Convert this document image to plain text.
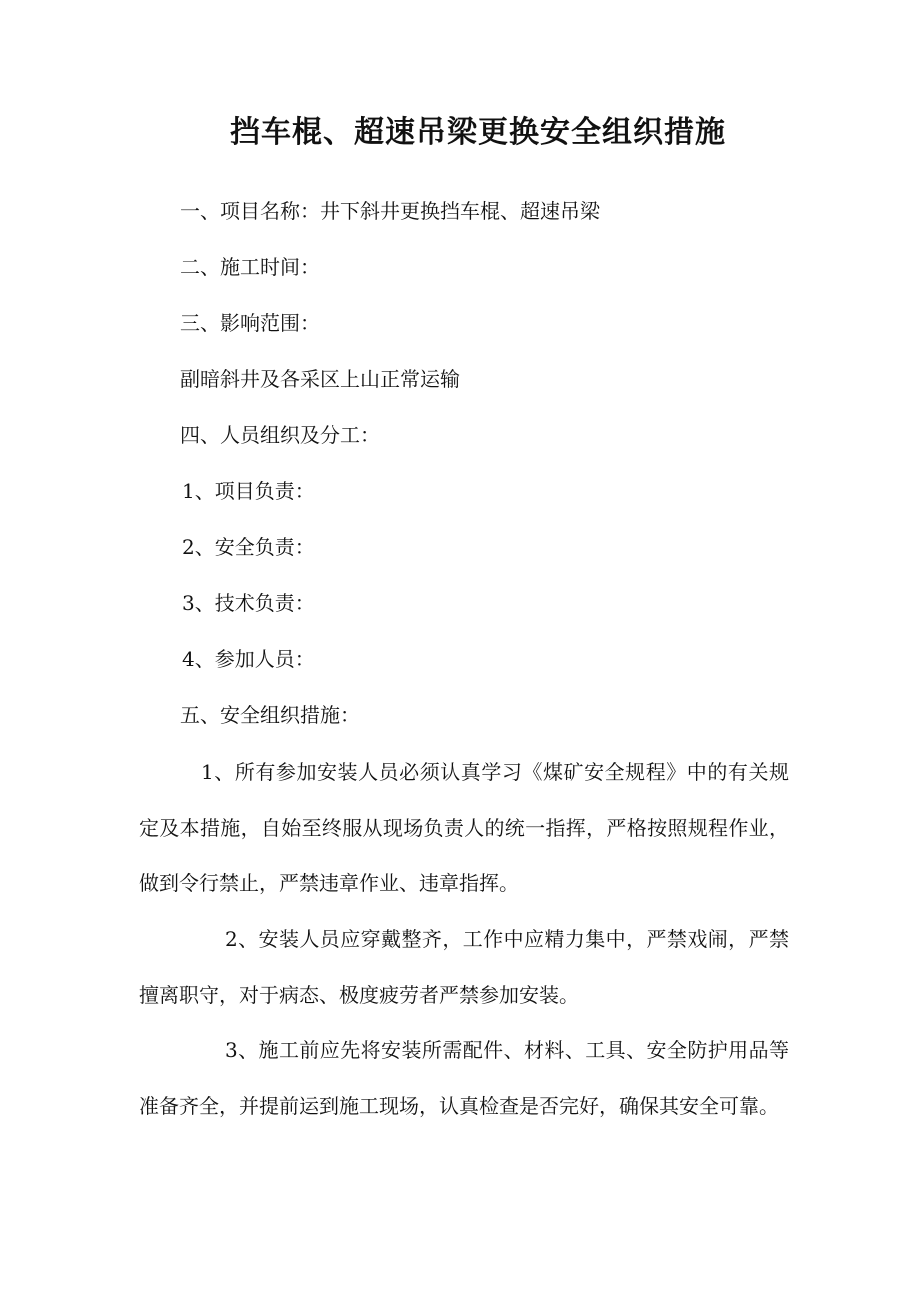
挡车棍、超速吊梁更换安全组织措施
一、项目名称：井下斜井更换挡车棍、超速吊梁
二、施工时间：
三、影响范围：
副暗斜井及各采区上山正常运输
四、人员组织及分工：
1、项目负责：
2、安全负责：
3、技术负责：
4、参加人员：
五、安全组织措施：
1、所有参加安装人员必须认真学习《煤矿安全规程》中的有关规定及本措施，自始至终服从现场负责人的统一指挥，严格按照规程作业，做到令行禁止，严禁违章作业、违章指挥。
2、安装人员应穿戴整齐，工作中应精力集中，严禁戏闹，严禁擅离职守，对于病态、极度疲劳者严禁参加安装。
3、施工前应先将安装所需配件、材料、工具、安全防护用品等准备齐全，并提前运到施工现场，认真检查是否完好，确保其安全可靠。
